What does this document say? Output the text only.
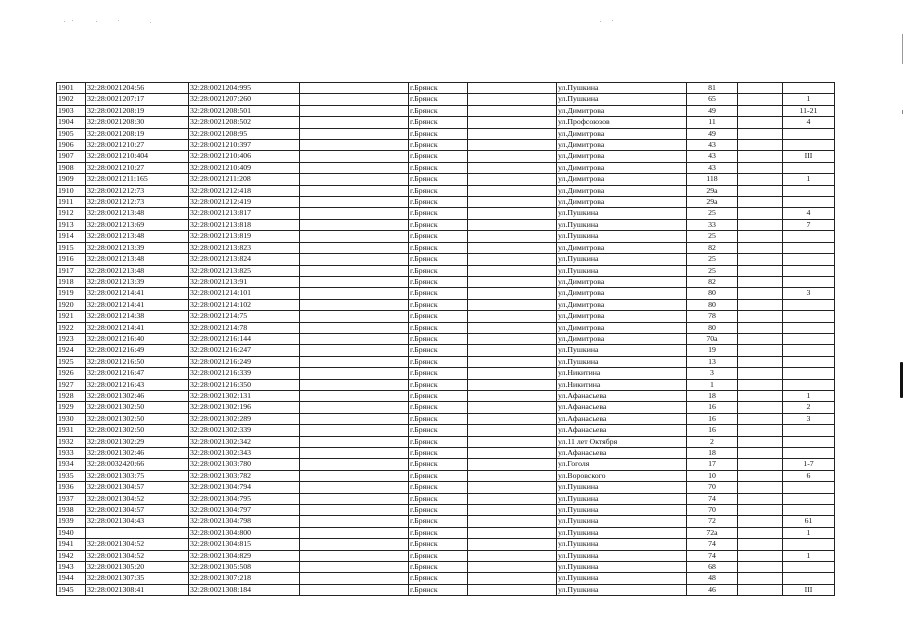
1901	32:28:0021204:56	32:28:0021204:995		г.Брянск		ул.Пушкина	81		
1902	32:28:0021207:17	32:28:0021207:260		г.Брянск		ул.Пушкина	65		1
1903	32:28:0021208:19	32:28:0021208:501		г.Брянск		ул.Димитрова	49		11-21
1904	32:28:0021208:30	32:28:0021208:502		г.Брянск		ул.Профсоюзов	11		4
1905	32:28:0021208:19	32:28:0021208:95		г.Брянск		ул.Димитрова	49		
1906	32:28:0021210:27	32:28:0021210:397		г.Брянск		ул.Димитрова	43		
1907	32:28:0021210:404	32:28:0021210:406		г.Брянск		ул.Димитрова	43		III
1908	32:28:0021210:27	32:28:0021210:409		г.Брянск		ул.Димитрова	43		
1909	32:28:0021211:165	32:28:0021211:208		г.Брянск		ул.Димитрова	118		1
1910	32:28:0021212:73	32:28:0021212:418		г.Брянск		ул.Димитрова	29а		
1911	32:28:0021212:73	32:28:0021212:419		г.Брянск		ул.Димитрова	29а		
1912	32:28:0021213:48	32:28:0021213:817		г.Брянск		ул.Пушкина	25		4
1913	32:28:0021213:69	32:28:0021213:818		г.Брянск		ул.Пушкина	33		7
1914	32:28:0021213:48	32:28:0021213:819		г.Брянск		ул.Пушкина	25		
1915	32:28:0021213:39	32:28:0021213:823		г.Брянск		ул.Димитрова	82		
1916	32:28:0021213:48	32:28:0021213:824		г.Брянск		ул.Пушкина	25		
1917	32:28:0021213:48	32:28:0021213:825		г.Брянск		ул.Пушкина	25		
1918	32:28:0021213:39	32:28:0021213:91		г.Брянск		ул.Димитрова	82		
1919	32:28:0021214:41	32:28:0021214:101		г.Брянск		ул.Димитрова	80		3
1920	32:28:0021214:41	32:28:0021214:102		г.Брянск		ул.Димитрова	80		
1921	32:28:0021214:38	32:28:0021214:75		г.Брянск		ул.Димитрова	78		
1922	32:28:0021214:41	32:28:0021214:78		г.Брянск		ул.Димитрова	80		
1923	32:28:0021216:40	32:28:0021216:144		г.Брянск		ул.Димитрова	70а		
1924	32:28:0021216:49	32:28:0021216:247		г.Брянск		ул.Пушкина	19		
1925	32:28:0021216:50	32:28:0021216:249		г.Брянск		ул.Пушкина	13		
1926	32:28:0021216:47	32:28:0021216:339		г.Брянск		ул.Никитина	3		
1927	32:28:0021216:43	32:28:0021216:350		г.Брянск		ул.Никитина	1		
1928	32:28:0021302:46	32:28:0021302:131		г.Брянск		ул.Афанасьева	18		1
1929	32:28:0021302:50	32:28:0021302:196		г.Брянск		ул.Афанасьева	16		2
1930	32:28:0021302:50	32:28:0021302:289		г.Брянск		ул.Афанасьева	16		3
1931	32:28:0021302:50	32:28:0021302:339		г.Брянск		ул.Афанасьева	16		
1932	32:28:0021302:29	32:28:0021302:342		г.Брянск		ул.11 лет Октября	2		
1933	32:28:0021302:46	32:28:0021302:343		г.Брянск		ул.Афанасьева	18		
1934	32:28:0032420:66	32:28:0021303:780		г.Брянск		ул.Гоголя	17		1-7
1935	32:28:0021303:75	32:28:0021303:782		г.Брянск		ул.Воровского	10		6
1936	32:28:0021304:57	32:28:0021304:794		г.Брянск		ул.Пушкина	70		
1937	32:28:0021304:52	32:28:0021304:795		г.Брянск		ул.Пушкина	74		
1938	32:28:0021304:57	32:28:0021304:797		г.Брянск		ул.Пушкина	70		
1939	32:28:0021304:43	32:28:0021304:798		г.Брянск		ул.Пушкина	72		61
1940		32:28:0021304:800		г.Брянск		ул.Пушкина	72а		1
1941	32:28:0021304:52	32:28:0021304:815		г.Брянск		ул.Пушкина	74		
1942	32:28:0021304:52	32:28:0021304:829		г.Брянск		ул.Пушкина	74		1
1943	32:28:0021305:20	32:28:0021305:508		г.Брянск		ул.Пушкина	68		
1944	32:28:0021307:35	32:28:0021307:218		г.Брянск		ул.Пушкина	48		
1945	32:28:0021308:41	32:28:0021308:184		г.Брянск		ул.Пушкина	46		III
